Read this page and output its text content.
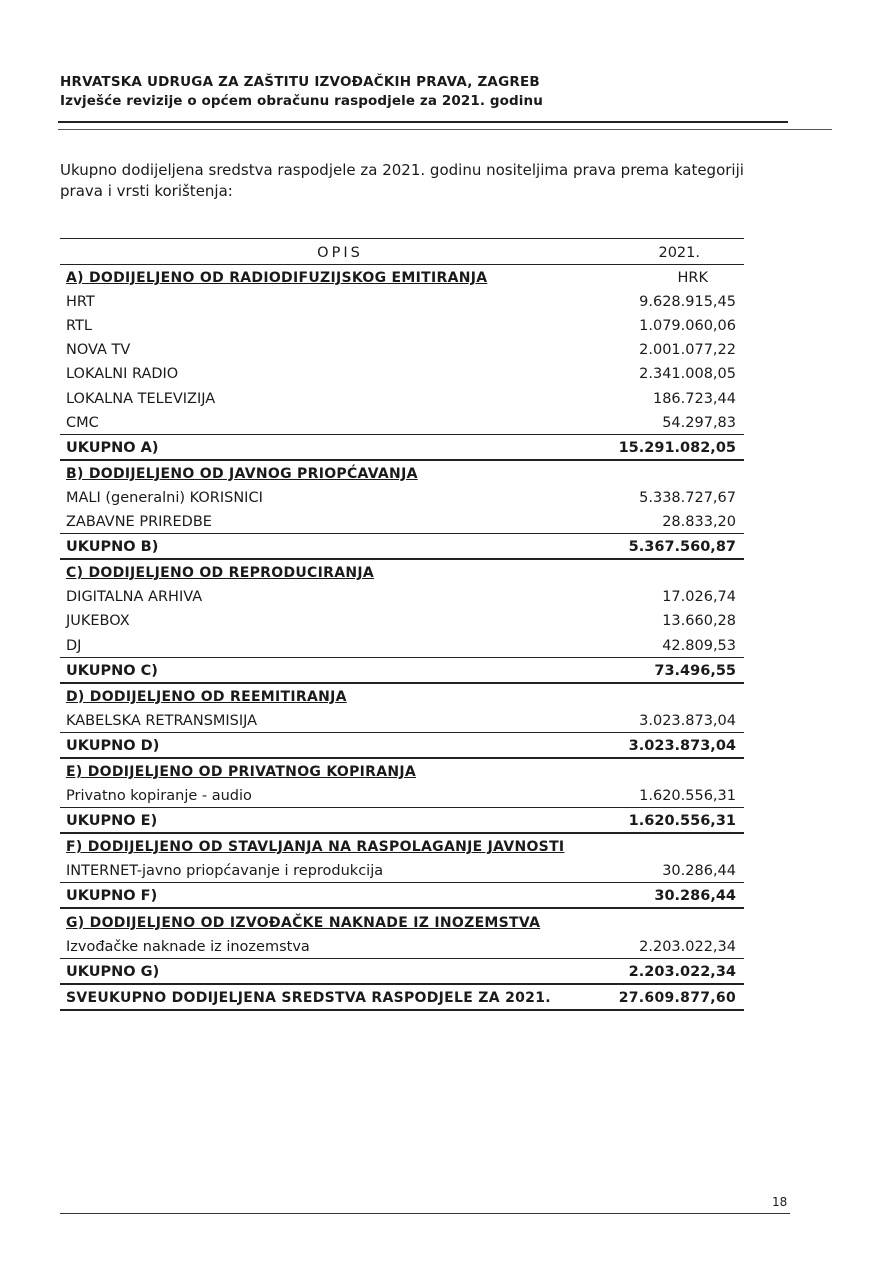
HRVATSKA UDRUGA ZA ZAŠTITU IZVOĐAČKIH PRAVA, ZAGREB
Izvješće revizije o općem obračunu raspodjele za 2021. godinu
Ukupno dodijeljena sredstva raspodjele za 2021. godinu nositeljima prava prema kategoriji prava i vrsti korištenja:
OPIS	2021.
A) DODIJELJENO OD RADIODIFUZIJSKOG EMITIRANJA	HRK
HRT	9.628.915,45
RTL	1.079.060,06
NOVA TV	2.001.077,22
LOKALNI RADIO	2.341.008,05
LOKALNA TELEVIZIJA	186.723,44
CMC	54.297,83
UKUPNO A)	15.291.082,05
B) DODIJELJENO OD JAVNOG PRIOPĆAVANJA
MALI (generalni) KORISNICI	5.338.727,67
ZABAVNE PRIREDBE	28.833,20
UKUPNO B)	5.367.560,87
C) DODIJELJENO OD REPRODUCIRANJA
DIGITALNA ARHIVA	17.026,74
JUKEBOX	13.660,28
DJ	42.809,53
UKUPNO C)	73.496,55
D) DODIJELJENO OD REEMITIRANJA
KABELSKA RETRANSMISIJA	3.023.873,04
UKUPNO D)	3.023.873,04
E) DODIJELJENO OD PRIVATNOG KOPIRANJA
Privatno kopiranje - audio	1.620.556,31
UKUPNO E)	1.620.556,31
F) DODIJELJENO OD STAVLJANJA NA RASPOLAGANJE JAVNOSTI
INTERNET-javno priopćavanje i reprodukcija	30.286,44
UKUPNO F)	30.286,44
G) DODIJELJENO OD IZVOĐAČKE NAKNADE IZ INOZEMSTVA
Izvođačke naknade iz inozemstva	2.203.022,34
UKUPNO G)	2.203.022,34
SVEUKUPNO DODIJELJENA SREDSTVA RASPODJELE ZA 2021.	27.609.877,60
18
